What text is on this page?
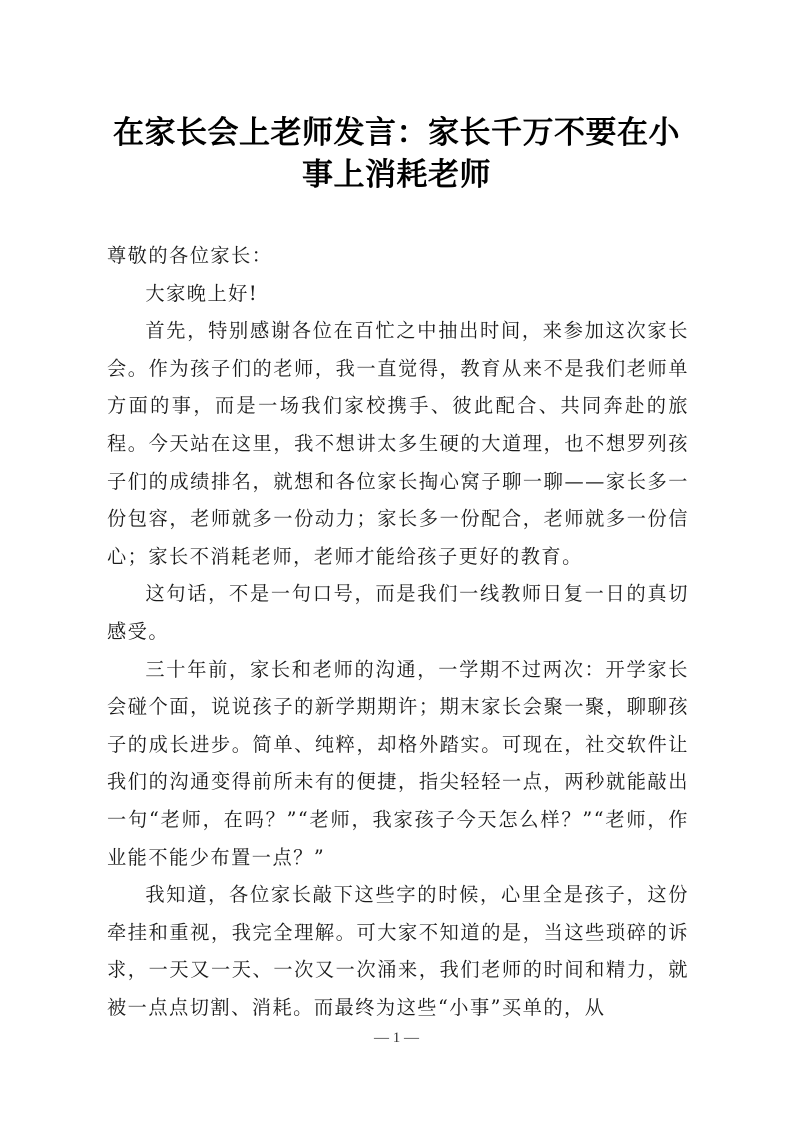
在家长会上老师发言：家长千万不要在小事上消耗老师

尊敬的各位家长：

大家晚上好!

首先，特别感谢各位在百忙之中抽出时间，来参加这次家长会。作为孩子们的老师，我一直觉得，教育从来不是我们老师单方面的事，而是一场我们家校携手、彼此配合、共同奔赴的旅程。今天站在这里，我不想讲太多生硬的大道理，也不想罗列孩子们的成绩排名，就想和各位家长掏心窝子聊一聊——家长多一份包容，老师就多一份动力；家长多一份配合，老师就多一份信心；家长不消耗老师，老师才能给孩子更好的教育。

这句话，不是一句口号，而是我们一线教师日复一日的真切感受。

三十年前，家长和老师的沟通，一学期不过两次：开学家长会碰个面，说说孩子的新学期期许；期末家长会聚一聚，聊聊孩子的成长进步。简单、纯粹，却格外踏实。可现在，社交软件让我们的沟通变得前所未有的便捷，指尖轻轻一点，两秒就能敲出一句“老师，在吗？”“老师，我家孩子今天怎么样？”“老师，作业能不能少布置一点？”

我知道，各位家长敲下这些字的时候，心里全是孩子，这份牵挂和重视，我完全理解。可大家不知道的是，当这些琐碎的诉求，一天又一天、一次又一次涌来，我们老师的时间和精力，就被一点点切割、消耗。而最终为这些“小事”买单的，从

— 1 —
